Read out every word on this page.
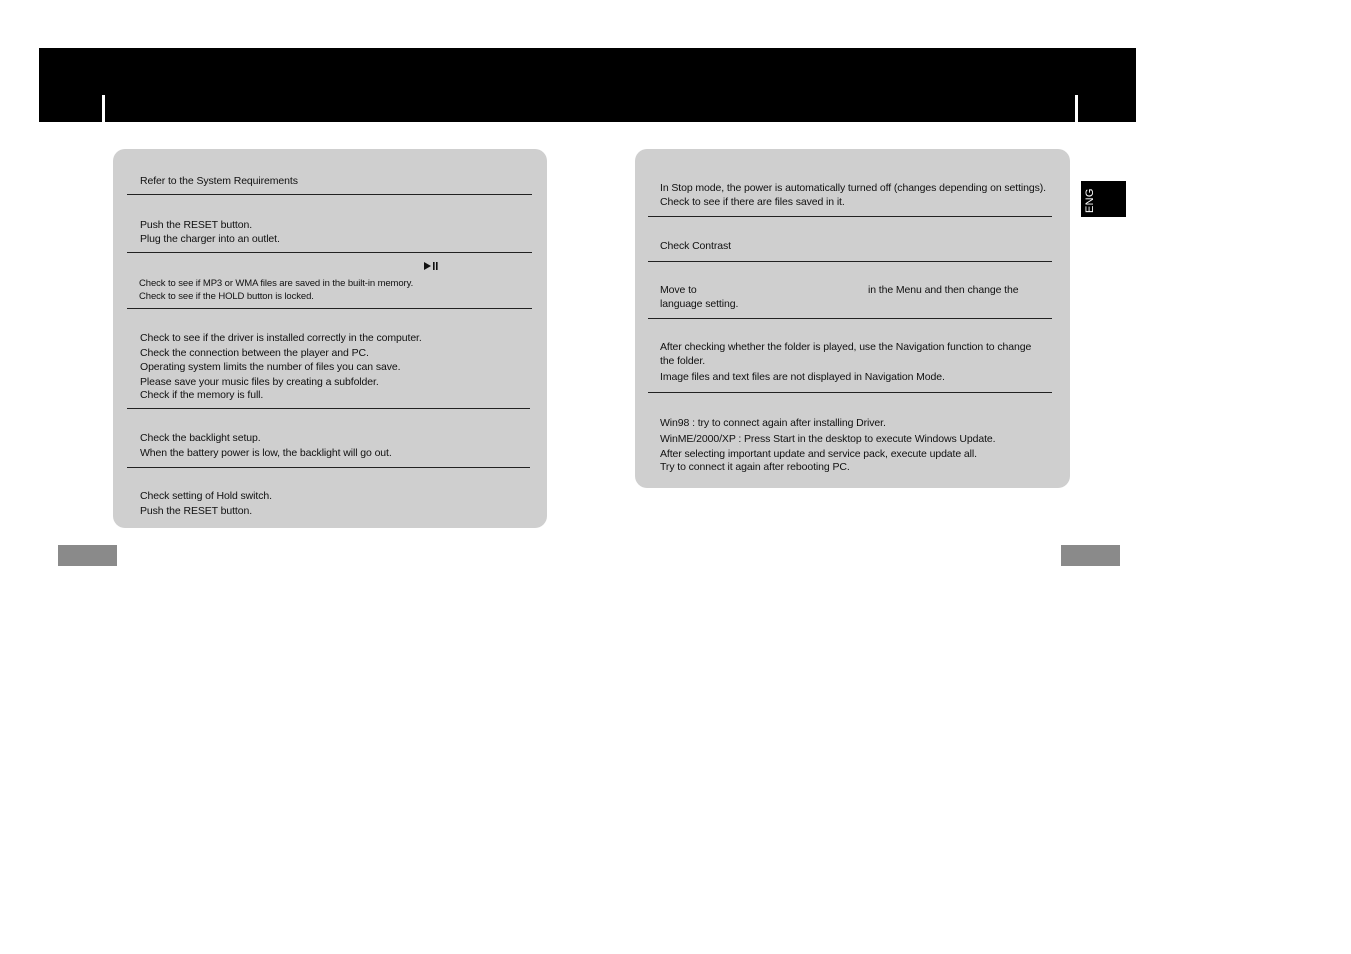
Refer to the System Requirements
Push the RESET button.
Plug the charger into an outlet.
Check to see if MP3 or WMA files are saved in the built-in memory.
Check to see if the HOLD button is locked.
Check to see if the driver is installed correctly in the computer.
Check the connection between the player and PC.
Operating system limits the number of files you can save.
Please save your music files by creating a subfolder.
Check if the memory is full.
Check the backlight setup.
When the battery power is low, the backlight will go out.
Check setting of Hold switch.
Push the RESET button.
In Stop mode, the power is automatically turned off (changes depending on settings).
Check to see if there are files saved in it.
Check Contrast
Move to	in the Menu and then change the
language setting.
After checking whether the folder is played, use the Navigation function to change
the folder.
Image files and text files are not displayed in Navigation Mode.
Win98 : try to connect again after installing Driver.
WinME/2000/XP : Press Start in the desktop to execute Windows Update.
After selecting important update and service pack, execute update all.
Try to connect it again after rebooting PC.
ENG
